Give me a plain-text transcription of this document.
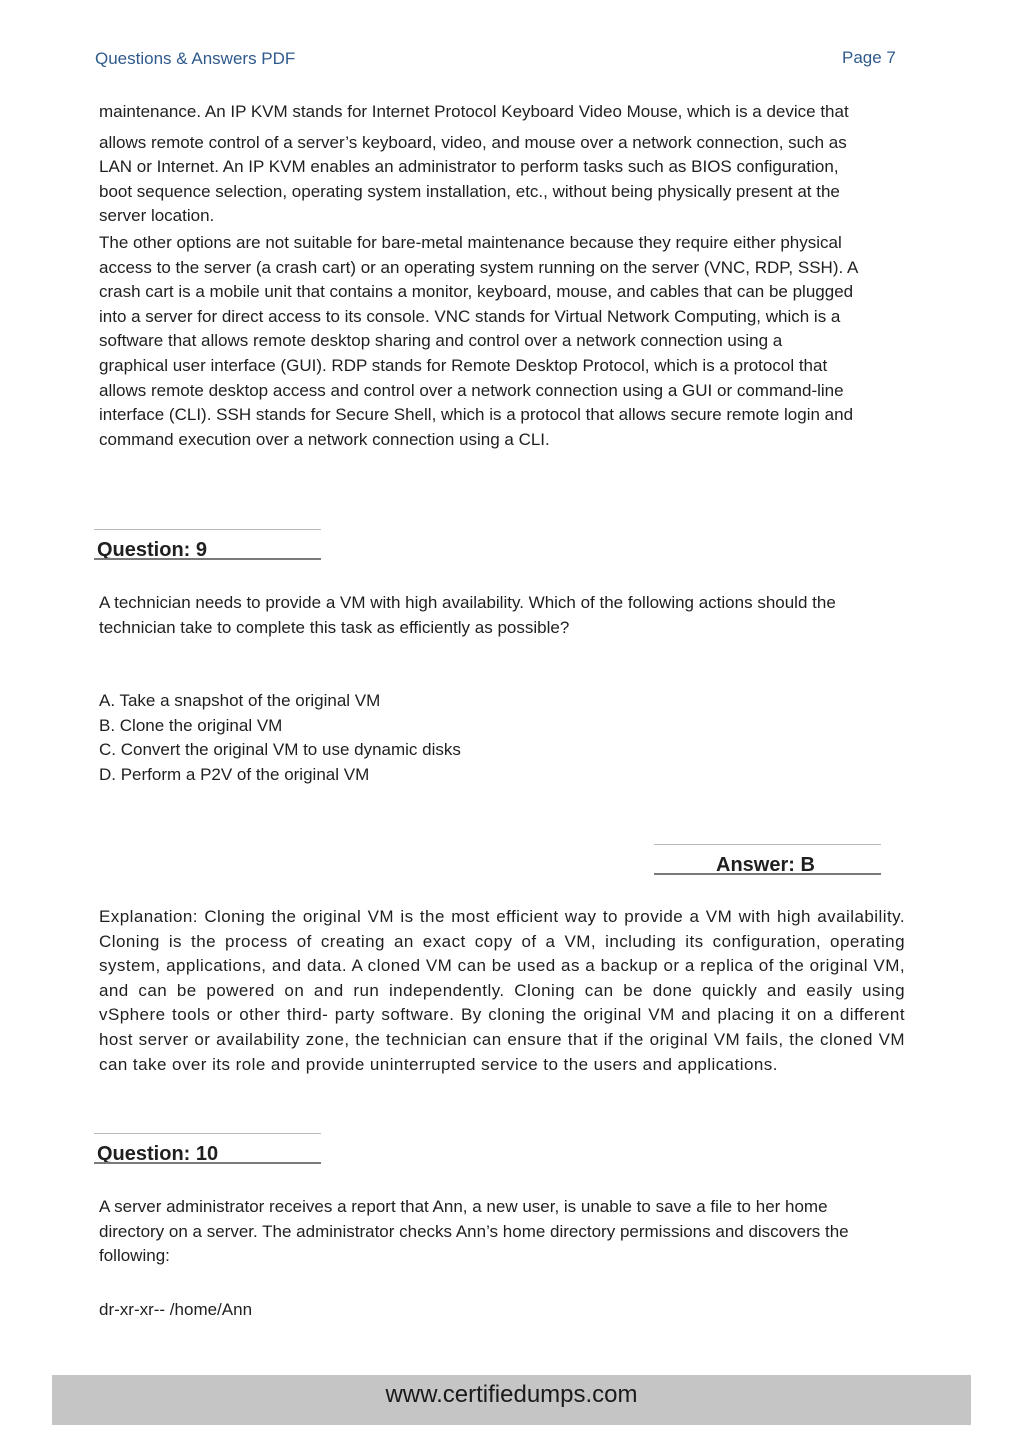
Questions & Answers PDF	Page 7
maintenance. An IP KVM stands for Internet Protocol Keyboard Video Mouse, which is a device that
allows remote control of a server’s keyboard, video, and mouse over a network connection, such as
LAN or Internet. An IP KVM enables an administrator to perform tasks such as BIOS configuration,
boot sequence selection, operating system installation, etc., without being physically present at the
server location.
The other options are not suitable for bare-metal maintenance because they require either physical
access to the server (a crash cart) or an operating system running on the server (VNC, RDP, SSH). A
crash cart is a mobile unit that contains a monitor, keyboard, mouse, and cables that can be plugged
into a server for direct access to its console. VNC stands for Virtual Network Computing, which is a
software that allows remote desktop sharing and control over a network connection using a
graphical user interface (GUI). RDP stands for Remote Desktop Protocol, which is a protocol that
allows remote desktop access and control over a network connection using a GUI or command-line
interface (CLI). SSH stands for Secure Shell, which is a protocol that allows secure remote login and
command execution over a network connection using a CLI.
Question: 9
A technician needs to provide a VM with high availability. Which of the following actions should the
technician take to complete this task as efficiently as possible?
A. Take a snapshot of the original VM
B. Clone the original VM
C. Convert the original VM to use dynamic disks
D. Perform a P2V of the original VM
Answer: B

Explanation: Cloning the original VM is the most efficient way to provide a VM with high availability. Cloning is the process of creating an exact copy of a VM, including its configuration, operating system, applications, and data. A cloned VM can be used as a backup or a replica of the original VM, and can be powered on and run independently. Cloning can be done quickly and easily using vSphere tools or other third- party software. By cloning the original VM and placing it on a different host server or availability zone, the technician can ensure that if the original VM fails, the cloned VM can take over its role and provide uninterrupted service to the users and applications.

Question: 10
A server administrator receives a report that Ann, a new user, is unable to save a file to her home
directory on a server. The administrator checks Ann’s home directory permissions and discovers the
following:
dr-xr-xr-- /home/Ann
www.certifiedumps.com
